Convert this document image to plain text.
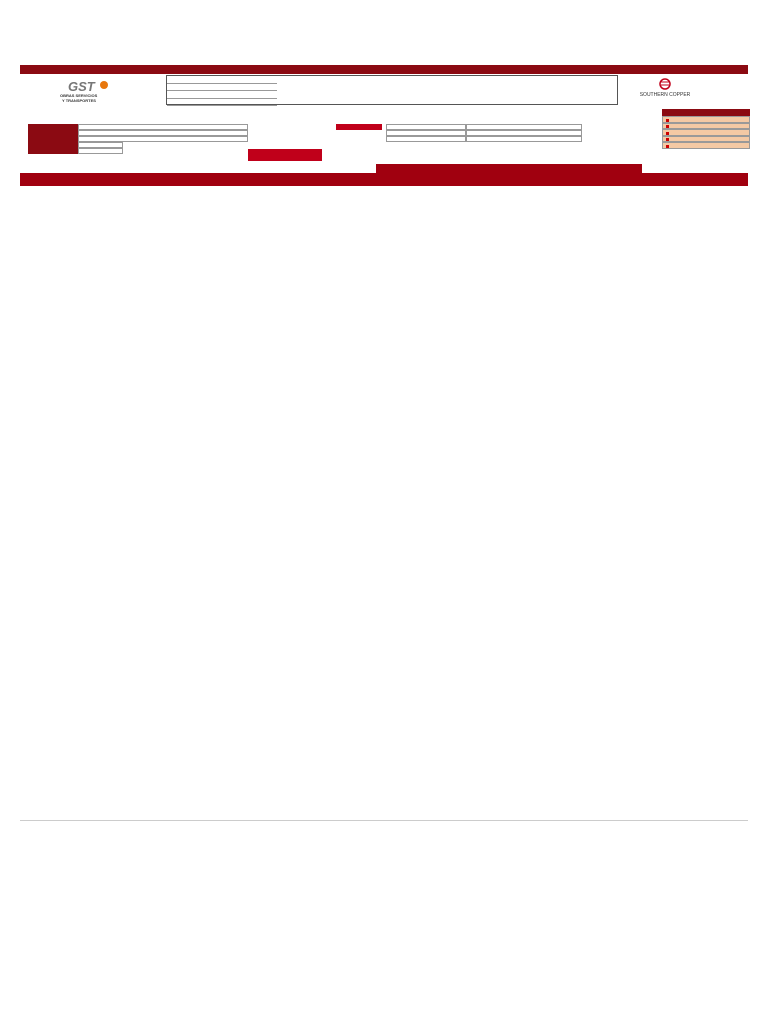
GST
OBRAS SERVICIOS
Y TRANSPORTES
SOUTHERN COPPER
